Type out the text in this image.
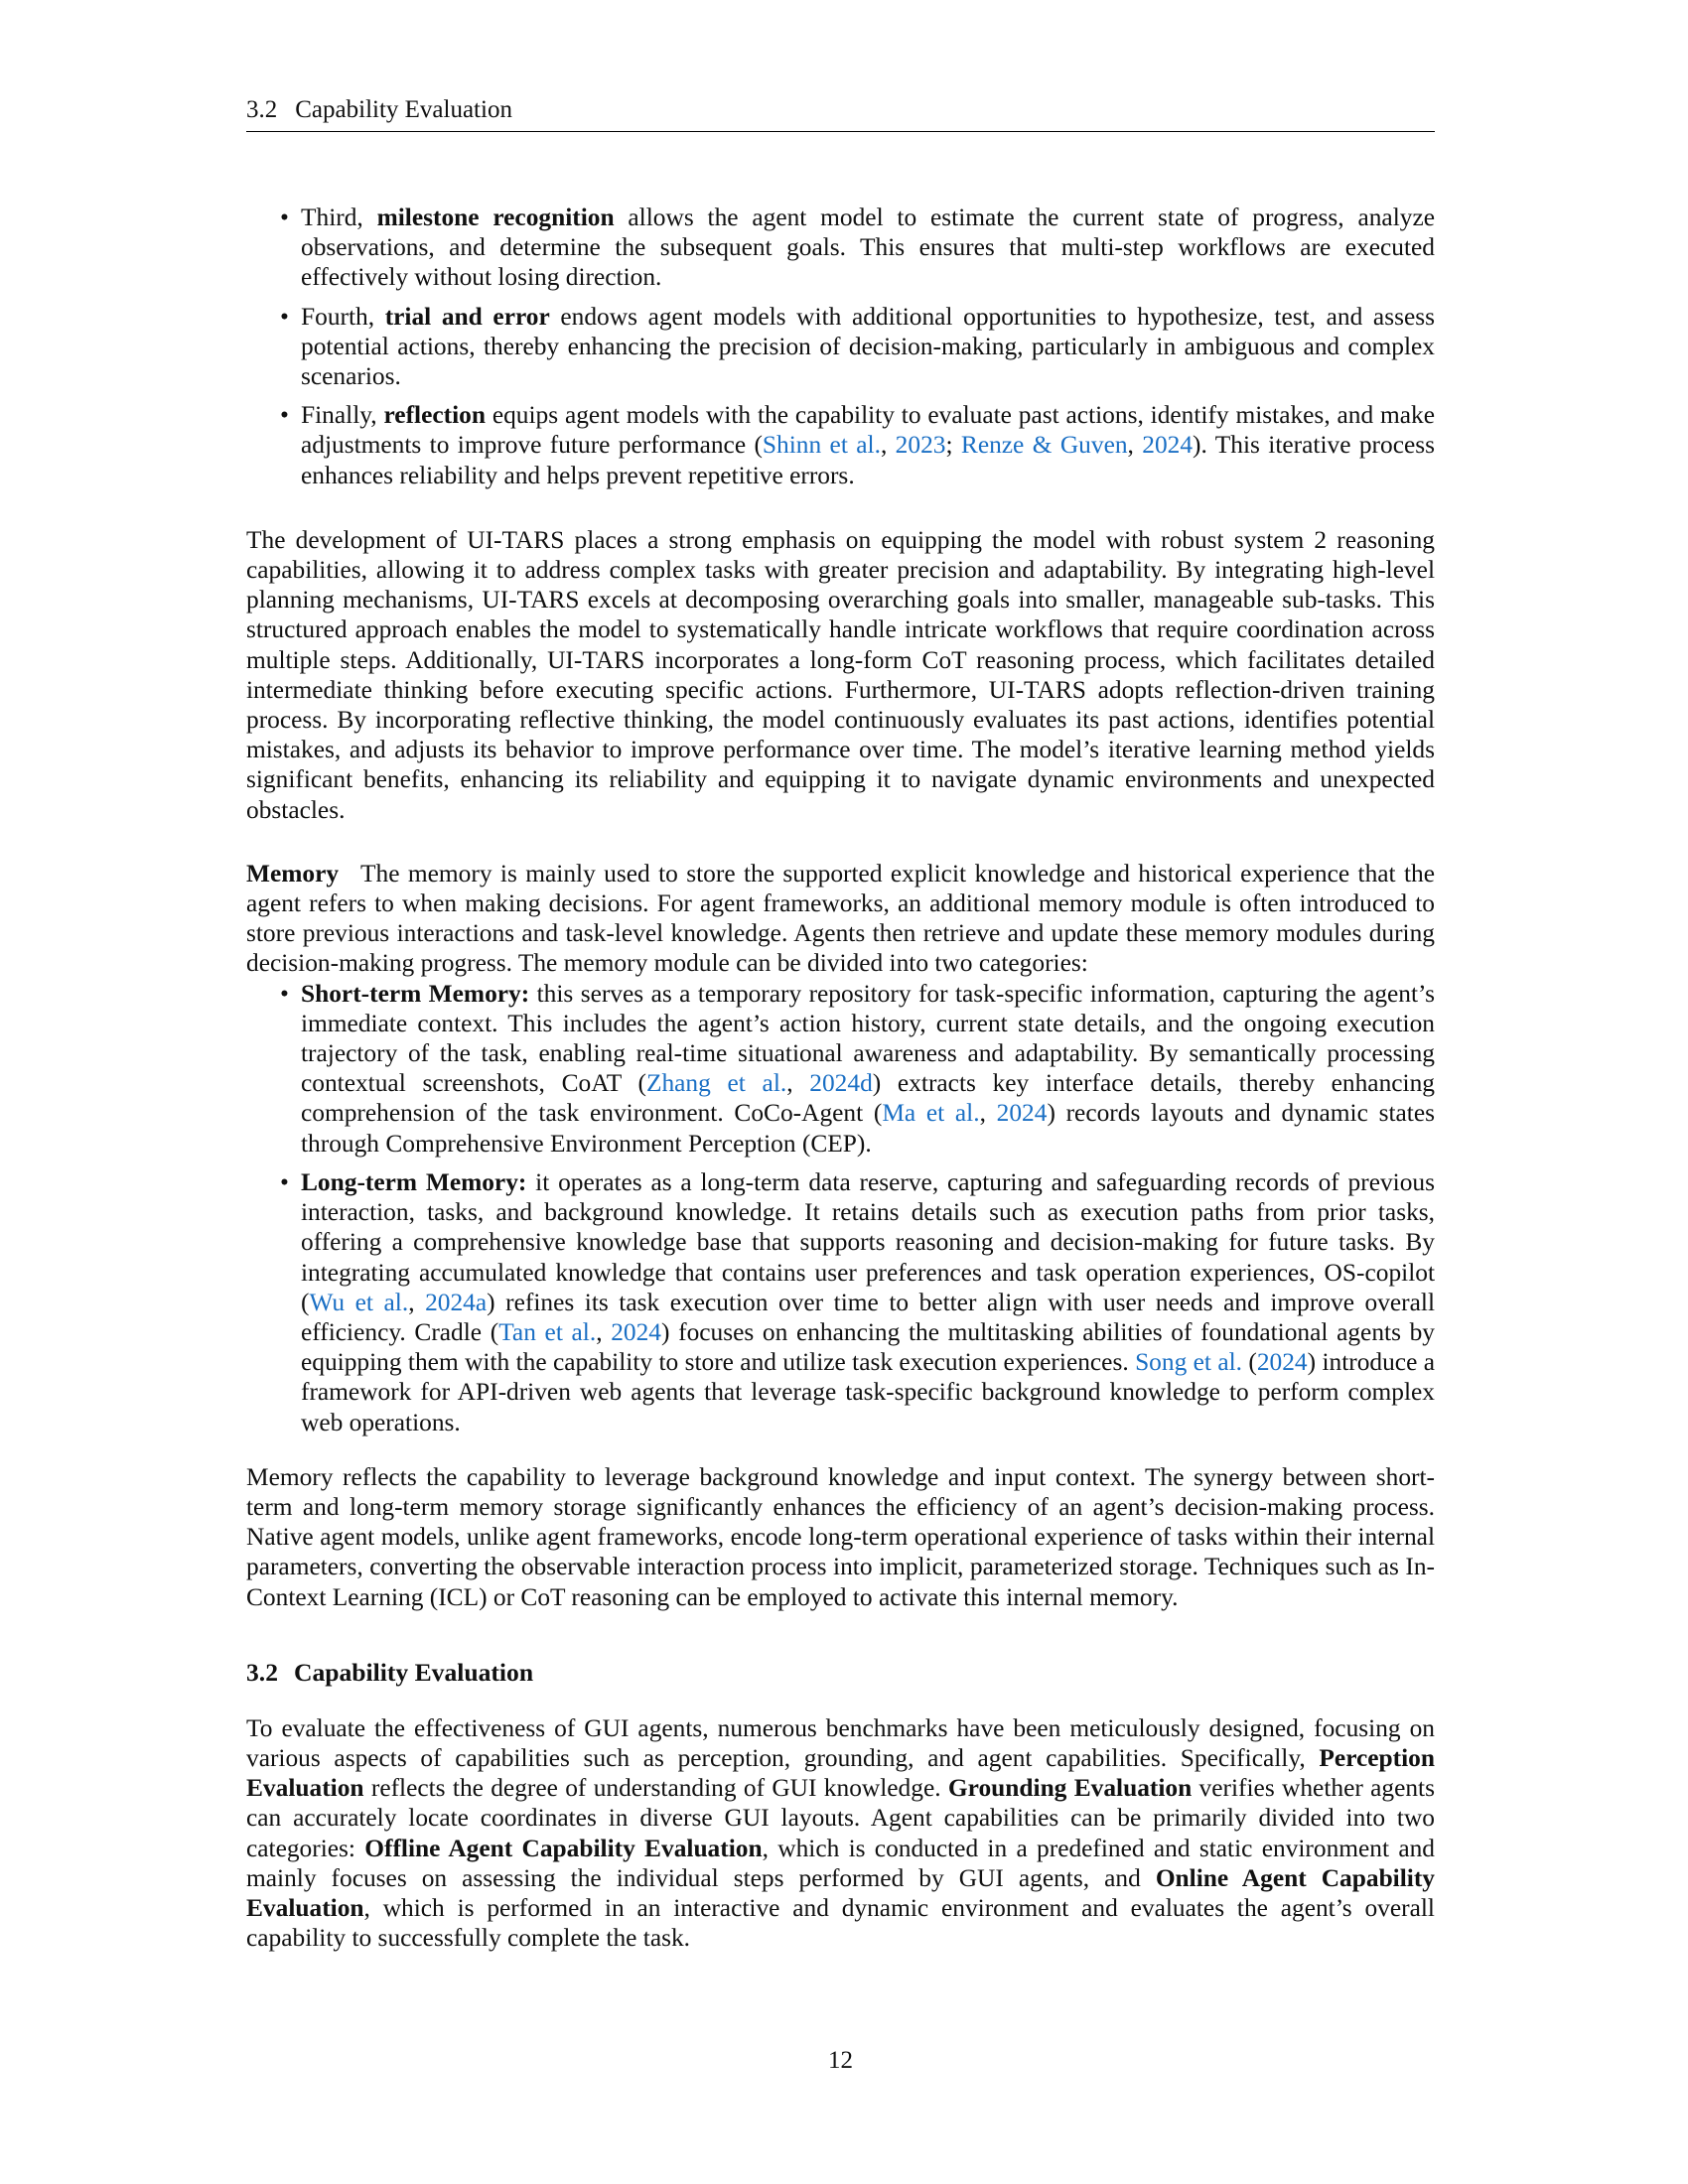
3.2 Capability Evaluation
• Third, milestone recognition allows the agent model to estimate the current state of progress, analyze observations, and determine the subsequent goals. This ensures that multi-step workflows are executed effectively without losing direction.
• Fourth, trial and error endows agent models with additional opportunities to hypothesize, test, and assess potential actions, thereby enhancing the precision of decision-making, particularly in ambiguous and complex scenarios.
• Finally, reflection equips agent models with the capability to evaluate past actions, identify mistakes, and make adjustments to improve future performance (Shinn et al., 2023; Renze & Guven, 2024). This iterative process enhances reliability and helps prevent repetitive errors.

The development of UI-TARS places a strong emphasis on equipping the model with robust system 2 reasoning capabilities, allowing it to address complex tasks with greater precision and adaptability. By integrating high-level planning mechanisms, UI-TARS excels at decomposing overarching goals into smaller, manageable sub-tasks. This structured approach enables the model to systematically handle intricate workflows that require coordination across multiple steps. Additionally, UI-TARS incorporates a long-form CoT reasoning process, which facilitates detailed intermediate thinking before executing specific actions. Furthermore, UI-TARS adopts reflection-driven training process. By incorporating reflective thinking, the model continuously evaluates its past actions, identifies potential mistakes, and adjusts its behavior to improve performance over time. The model’s iterative learning method yields significant benefits, enhancing its reliability and equipping it to navigate dynamic environments and unexpected obstacles.

Memory The memory is mainly used to store the supported explicit knowledge and historical experience that the agent refers to when making decisions. For agent frameworks, an additional memory module is often introduced to store previous interactions and task-level knowledge. Agents then retrieve and update these memory modules during decision-making progress. The memory module can be divided into two categories:

• Short-term Memory: this serves as a temporary repository for task-specific information, capturing the agent’s immediate context. This includes the agent’s action history, current state details, and the ongoing execution trajectory of the task, enabling real-time situational awareness and adaptability. By semantically processing contextual screenshots, CoAT (Zhang et al., 2024d) extracts key interface details, thereby enhancing comprehension of the task environment. CoCo-Agent (Ma et al., 2024) records layouts and dynamic states through Comprehensive Environment Perception (CEP).
• Long-term Memory: it operates as a long-term data reserve, capturing and safeguarding records of previous interaction, tasks, and background knowledge. It retains details such as execution paths from prior tasks, offering a comprehensive knowledge base that supports reasoning and decision-making for future tasks. By integrating accumulated knowledge that contains user preferences and task operation experiences, OS-copilot (Wu et al., 2024a) refines its task execution over time to better align with user needs and improve overall efficiency. Cradle (Tan et al., 2024) focuses on enhancing the multitasking abilities of foundational agents by equipping them with the capability to store and utilize task execution experiences. Song et al. (2024) introduce a framework for API-driven web agents that leverage task-specific background knowledge to perform complex web operations.

Memory reflects the capability to leverage background knowledge and input context. The synergy between short-term and long-term memory storage significantly enhances the efficiency of an agent’s decision-making process. Native agent models, unlike agent frameworks, encode long-term operational experience of tasks within their internal parameters, converting the observable interaction process into implicit, parameterized storage. Techniques such as In-Context Learning (ICL) or CoT reasoning can be employed to activate this internal memory.

3.2 Capability Evaluation

To evaluate the effectiveness of GUI agents, numerous benchmarks have been meticulously designed, focusing on various aspects of capabilities such as perception, grounding, and agent capabilities. Specifically, Perception Evaluation reflects the degree of understanding of GUI knowledge. Grounding Evaluation verifies whether agents can accurately locate coordinates in diverse GUI layouts. Agent capabilities can be primarily divided into two categories: Offline Agent Capability Evaluation, which is conducted in a predefined and static environment and mainly focuses on assessing the individual steps performed by GUI agents, and Online Agent Capability Evaluation, which is performed in an interactive and dynamic environment and evaluates the agent’s overall capability to successfully complete the task.

12
